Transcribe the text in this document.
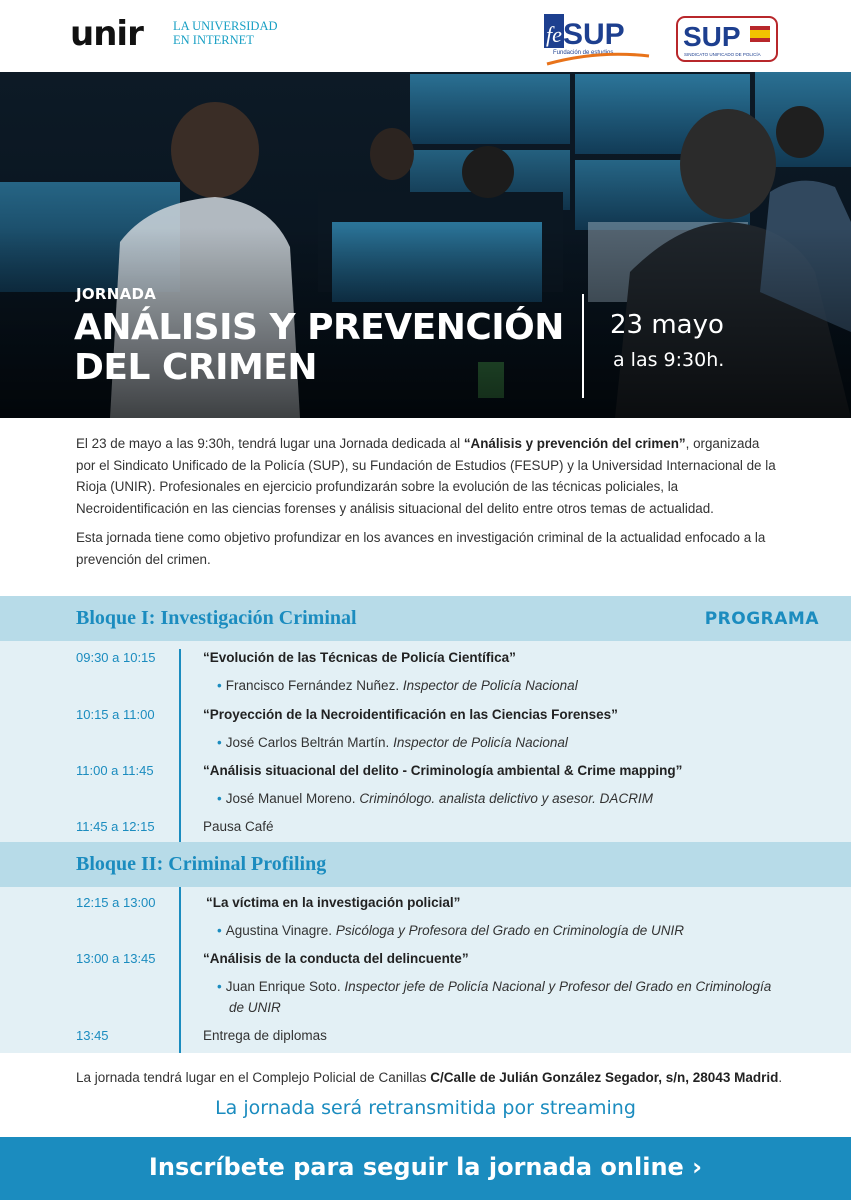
unir LA UNIVERSIDAD
EN INTERNET	fe SUP
Fundación de estudios
SUP
SINDICATO UNIFICADO DE POLICÍA
JORNADA
ANÁLISIS Y PREVENCIÓN
DEL CRIMEN
23 mayo
a las 9:30h.

El 23 de mayo a las 9:30h, tendrá lugar una Jornada dedicada al “Análisis y prevención del crimen”, organizada por el Sindicato Unificado de la Policía (SUP), su Fundación de Estudios (FESUP) y la Universidad Internacional de la Rioja (UNIR). Profesionales en ejercicio profundizarán sobre la evolución de las técnicas policiales, la Necroidentificación en las ciencias forenses y análisis situacional del delito entre otros temas de actualidad.

Esta jornada tiene como objetivo profundizar en los avances en investigación criminal de la actualidad enfocado a la prevención del crimen.

Bloque I: Investigación Criminal	PROGRAMA
09:30 a 10:15	“Evolución de las Técnicas de Policía Científica”
• Francisco Fernández Nuñez. Inspector de Policía Nacional
10:15 a 11:00	“Proyección de la Necroidentificación en las Ciencias Forenses”
• José Carlos Beltrán Martín. Inspector de Policía Nacional
11:00 a 11:45	“Análisis situacional del delito - Criminología ambiental & Crime mapping”
• José Manuel Moreno. Criminólogo. analista delictivo y asesor. DACRIM
11:45 a 12:15	Pausa Café
Bloque II: Criminal Profiling
12:15 a 13:00	“La víctima en la investigación policial”
• Agustina Vinagre. Psicóloga y Profesora del Grado en Criminología de UNIR
13:00 a 13:45	“Análisis de la conducta del delincuente”
• Juan Enrique Soto. Inspector jefe de Policía Nacional y Profesor del Grado en Criminología de UNIR
13:45	Entrega de diplomas
La jornada tendrá lugar en el Complejo Policial de Canillas C/Calle de Julián González Segador, s/n, 28043 Madrid.
La jornada será retransmitida por streaming
Inscríbete para seguir la jornada online ›
